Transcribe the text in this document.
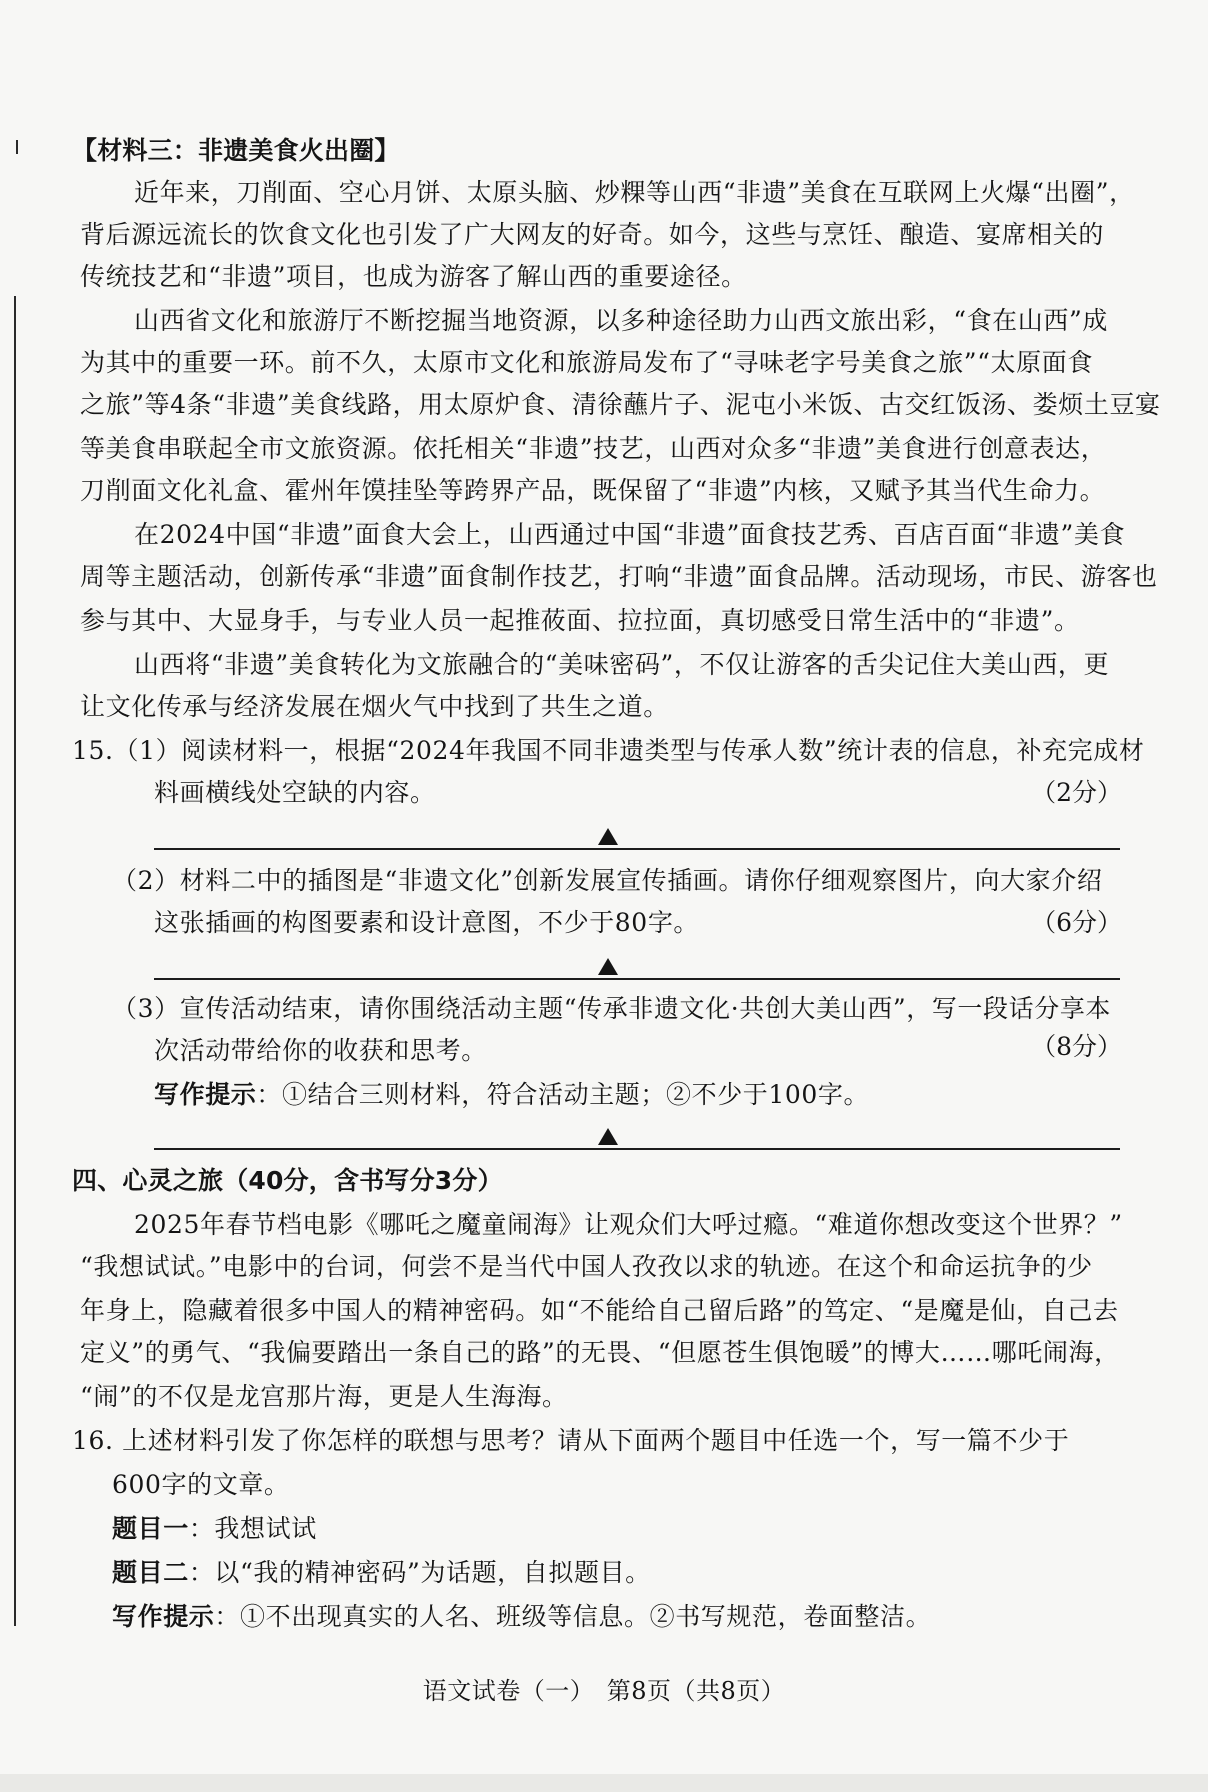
【材料三：非遗美食火出圈】
近年来，刀削面、空心月饼、太原头脑、炒粿等山西“非遗”美食在互联网上火爆“出圈”，
背后源远流长的饮食文化也引发了广大网友的好奇。如今，这些与烹饪、酿造、宴席相关的
传统技艺和“非遗”项目，也成为游客了解山西的重要途径。
山西省文化和旅游厅不断挖掘当地资源，以多种途径助力山西文旅出彩，“食在山西”成
为其中的重要一环。前不久，太原市文化和旅游局发布了“寻味老字号美食之旅”“太原面食
之旅”等4条“非遗”美食线路，用太原炉食、清徐蘸片子、泥屯小米饭、古交红饭汤、娄烦土豆宴
等美食串联起全市文旅资源。依托相关“非遗”技艺，山西对众多“非遗”美食进行创意表达，
刀削面文化礼盒、霍州年馍挂坠等跨界产品，既保留了“非遗”内核，又赋予其当代生命力。
在2024中国“非遗”面食大会上，山西通过中国“非遗”面食技艺秀、百店百面“非遗”美食
周等主题活动，创新传承“非遗”面食制作技艺，打响“非遗”面食品牌。活动现场，市民、游客也
参与其中、大显身手，与专业人员一起推莜面、拉拉面，真切感受日常生活中的“非遗”。
山西将“非遗”美食转化为文旅融合的“美味密码”，不仅让游客的舌尖记住大美山西，更
让文化传承与经济发展在烟火气中找到了共生之道。
15.（1）阅读材料一，根据“2024年我国不同非遗类型与传承人数”统计表的信息，补充完成材
料画横线处空缺的内容。	（2分）
（2）材料二中的插图是“非遗文化”创新发展宣传插画。请你仔细观察图片，向大家介绍
这张插画的构图要素和设计意图，不少于80字。	（6分）
（3）宣传活动结束，请你围绕活动主题“传承非遗文化·共创大美山西”，写一段话分享本
次活动带给你的收获和思考。	（8分）
写作提示：①结合三则材料，符合活动主题；②不少于100字。
四、心灵之旅（40分，含书写分3分）
2025年春节档电影《哪吒之魔童闹海》让观众们大呼过瘾。“难道你想改变这个世界？”
“我想试试。”电影中的台词，何尝不是当代中国人孜孜以求的轨迹。在这个和命运抗争的少
年身上，隐藏着很多中国人的精神密码。如“不能给自己留后路”的笃定、“是魔是仙，自己去
定义”的勇气、“我偏要踏出一条自己的路”的无畏、“但愿苍生俱饱暖”的博大……哪吒闹海，
“闹”的不仅是龙宫那片海，更是人生海海。
16. 上述材料引发了你怎样的联想与思考？请从下面两个题目中任选一个，写一篇不少于
600字的文章。
题目一：我想试试
题目二：以“我的精神密码”为话题，自拟题目。
写作提示：①不出现真实的人名、班级等信息。②书写规范，卷面整洁。
语文试卷（一）　第8页（共8页）
